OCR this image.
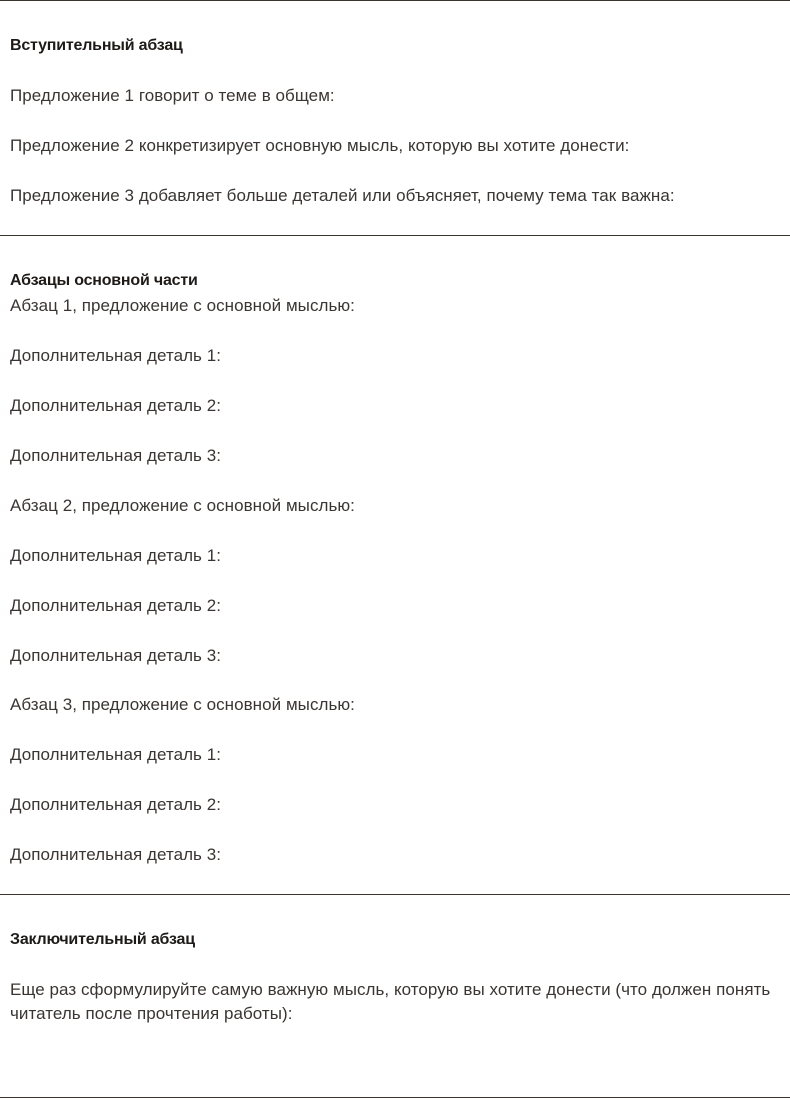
Вступительный абзац

Предложение 1 говорит о теме в общем:

Предложение 2 конкретизирует основную мысль, которую вы хотите донести:

Предложение 3 добавляет больше деталей или объясняет, почему тема так важна:

Абзацы основной части

Абзац 1, предложение с основной мыслью:

Дополнительная деталь 1:

Дополнительная деталь 2:

Дополнительная деталь 3:

Абзац 2, предложение с основной мыслью:

Дополнительная деталь 1:

Дополнительная деталь 2:

Дополнительная деталь 3:

Абзац 3, предложение с основной мыслью:

Дополнительная деталь 1:

Дополнительная деталь 2:

Дополнительная деталь 3:

Заключительный абзац

Еще раз сформулируйте самую важную мысль, которую вы хотите донести (что должен понять читатель после прочтения работы):
